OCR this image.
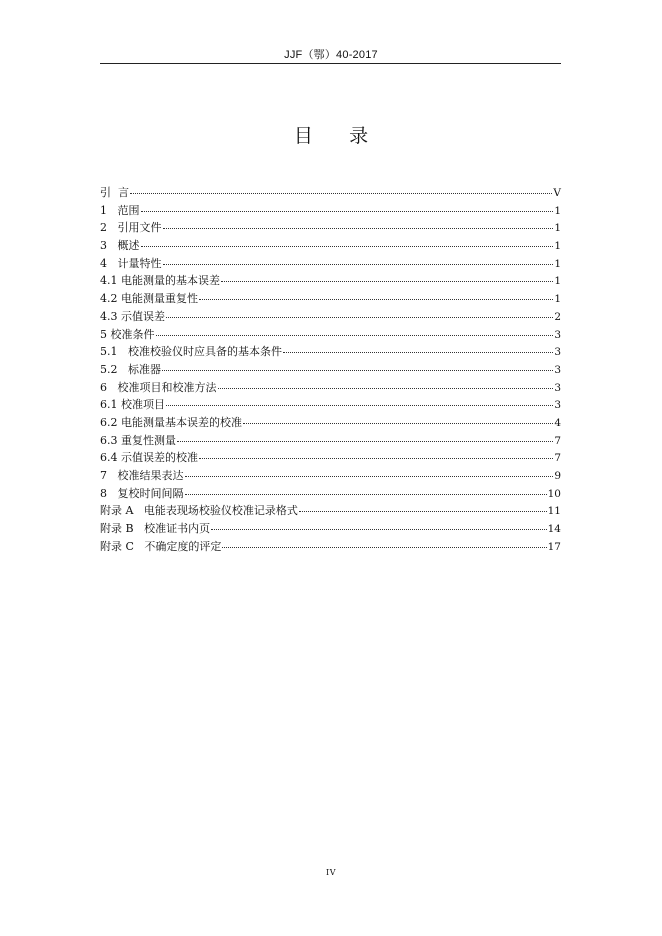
JJF（鄂）40-2017
目      录
引  言	V
1   范围	1
2   引用文件	1
3   概述	1
4   计量特性	1
4.1 电能测量的基本误差	1
4.2 电能测量重复性	1
4.3 示值误差	2
5 校准条件	3
5.1   校准校验仪时应具备的基本条件	3
5.2   标准器	3
6   校准项目和校准方法	3
6.1 校准项目	3
6.2 电能测量基本误差的校准	4
6.3 重复性测量	7
6.4 示值误差的校准	7
7   校准结果表达	9
8   复校时间间隔	10
附录 A   电能表现场校验仪校准记录格式	11
附录 B   校准证书内页	14
附录 C   不确定度的评定	17
IV
